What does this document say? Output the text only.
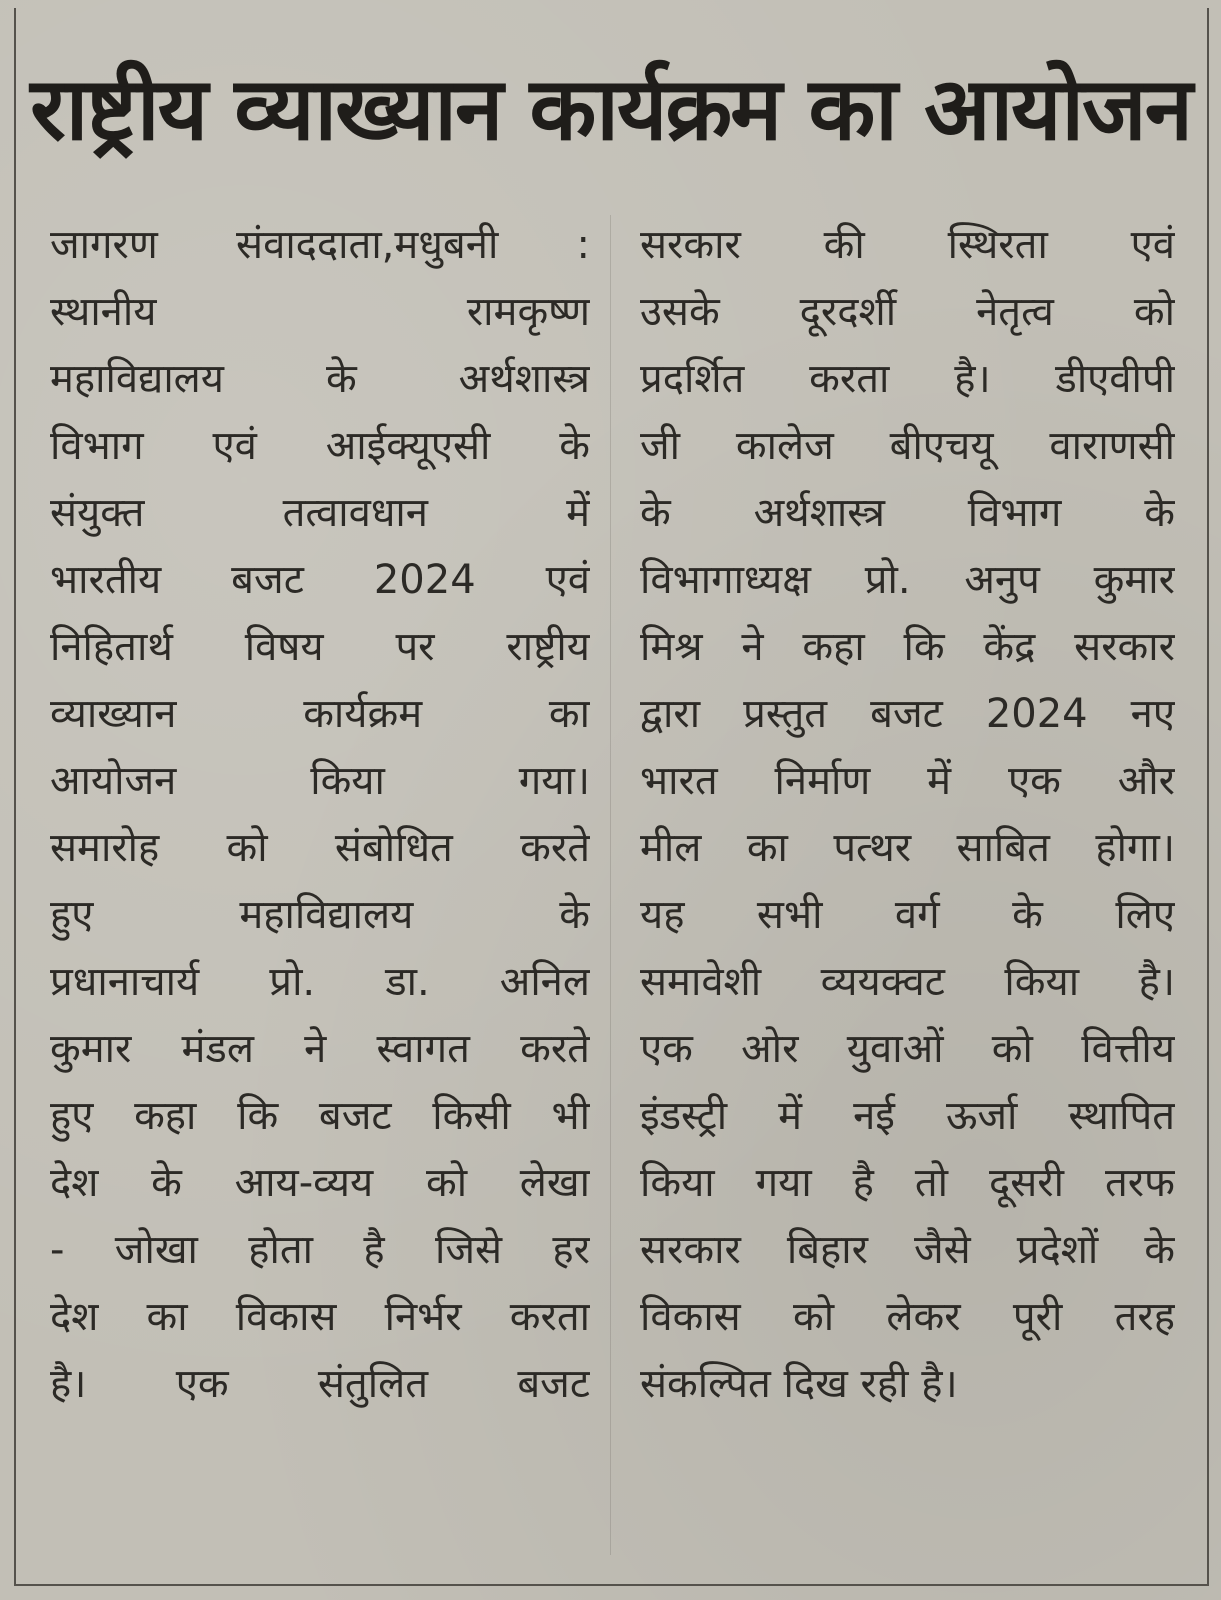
राष्ट्रीय व्याख्यान कार्यक्रम का आयोजन
जागरण संवाददाता,मधुबनी :
स्थानीय रामकृष्ण
महाविद्यालय के अर्थशास्त्र
विभाग एवं आईक्यूएसी के
संयुक्त तत्वावधान में
भारतीय बजट 2024 एवं
निहितार्थ विषय पर राष्ट्रीय
व्याख्यान कार्यक्रम का
आयोजन किया गया।
समारोह को संबोधित करते
हुए महाविद्यालय के
प्रधानाचार्य प्रो. डा. अनिल
कुमार मंडल ने स्वागत करते
हुए कहा कि बजट किसी भी
देश के आय-व्यय को लेखा
- जोखा होता है जिसे हर
देश का विकास निर्भर करता
है। एक संतुलित बजट
सरकार की स्थिरता एवं
उसके दूरदर्शी नेतृत्व को
प्रदर्शित करता है। डीएवीपी
जी कालेज बीएचयू वाराणसी
के अर्थशास्त्र विभाग के
विभागाध्यक्ष प्रो. अनुप कुमार
मिश्र ने कहा कि केंद्र सरकार
द्वारा प्रस्तुत बजट 2024 नए
भारत निर्माण में एक और
मील का पत्थर साबित होगा।
यह सभी वर्ग के लिए
समावेशी व्ययक्वट किया है।
एक ओर युवाओं को वित्तीय
इंडस्ट्री में नई ऊर्जा स्थापित
किया गया है तो दूसरी तरफ
सरकार बिहार जैसे प्रदेशों के
विकास को लेकर पूरी तरह
संकल्पित दिख रही है।
